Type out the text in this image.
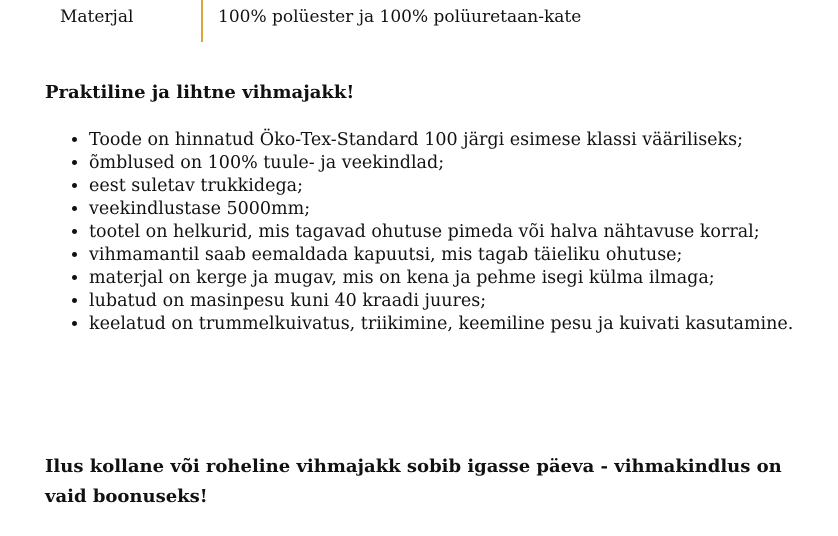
Materjal	100% polüester ja 100% polüuretaan-kate

Praktiline ja lihtne vihmajakk!

• Toode on hinnatud Öko-Tex-Standard 100 järgi esimese klassi vääriliseks;
• õmblused on 100% tuule- ja veekindlad;
• eest suletav trukkidega;
• veekindlustase 5000mm;
• tootel on helkurid, mis tagavad ohutuse pimeda või halva nähtavuse korral;
• vihmamantil saab eemaldada kapuutsi, mis tagab täieliku ohutuse;
• materjal on kerge ja mugav, mis on kena ja pehme isegi külma ilmaga;
• lubatud on masinpesu kuni 40 kraadi juures;
• keelatud on trummelkuivatus, triikimine, keemiline pesu ja kuivati kasutamine.

Ilus kollane või roheline vihmajakk sobib igasse päeva - vihmakindlus on vaid boonuseks!
